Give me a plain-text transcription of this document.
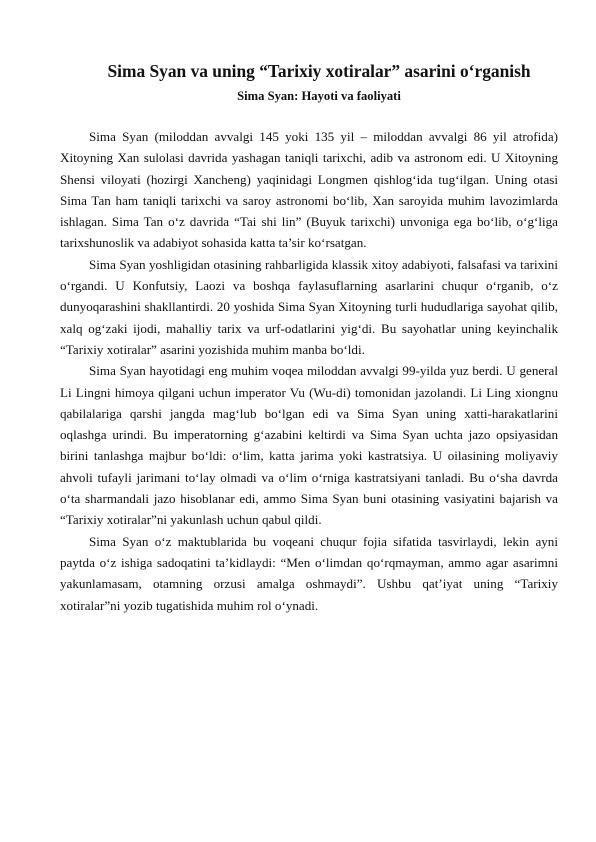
Sima Syan va uning “Tarixiy xotiralar” asarini o‘rganish
Sima Syan: Hayoti va faoliyati

Sima Syan (miloddan avvalgi 145 yoki 135 yil – miloddan avvalgi 86 yil atrofida) Xitoyning Xan sulolasi davrida yashagan taniqli tarixchi, adib va astronom edi. U Xitoyning Shensi viloyati (hozirgi Xancheng) yaqinidagi Longmen qishlog‘ida tug‘ilgan. Uning otasi Sima Tan ham taniqli tarixchi va saroy astronomi bo‘lib, Xan saroyida muhim lavozimlarda ishlagan. Sima Tan o‘z davrida “Tai shi lin” (Buyuk tarixchi) unvoniga ega bo‘lib, o‘g‘liga tarixshunoslik va adabiyot sohasida katta ta’sir ko‘rsatgan.

Sima Syan yoshligidan otasining rahbarligida klassik xitoy adabiyoti, falsafasi va tarixini o‘rgandi. U Konfutsiy, Laozi va boshqa faylasuflarning asarlarini chuqur o‘rganib, o‘z dunyoqarashini shakllantirdi. 20 yoshida Sima Syan Xitoyning turli hududlariga sayohat qilib, xalq og‘zaki ijodi, mahalliy tarix va urf-odatlarini yig‘di. Bu sayohatlar uning keyinchalik “Tarixiy xotiralar” asarini yozishida muhim manba bo‘ldi.

Sima Syan hayotidagi eng muhim voqea miloddan avvalgi 99-yilda yuz berdi. U general Li Lingni himoya qilgani uchun imperator Vu (Wu-di) tomonidan jazolandi. Li Ling xiongnu qabilalariga qarshi jangda mag‘lub bo‘lgan edi va Sima Syan uning xatti-harakatlarini oqlashga urindi. Bu imperatorning g‘azabini keltirdi va Sima Syan uchta jazo opsiyasidan birini tanlashga majbur bo‘ldi: o‘lim, katta jarima yoki kastratsiya. U oilasining moliyaviy ahvoli tufayli jarimani to‘lay olmadi va o‘lim o‘rniga kastratsiyani tanladi. Bu o‘sha davrda o‘ta sharmandali jazo hisoblanar edi, ammo Sima Syan buni otasining vasiyatini bajarish va “Tarixiy xotiralar”ni yakunlash uchun qabul qildi.

Sima Syan o‘z maktublarida bu voqeani chuqur fojia sifatida tasvirlaydi, lekin ayni paytda o‘z ishiga sadoqatini ta’kidlaydi: “Men o‘limdan qo‘rqmayman, ammo agar asarimni yakunlamasam, otamning orzusi amalga oshmaydi”. Ushbu qat’iyat uning “Tarixiy xotiralar”ni yozib tugatishida muhim rol o‘ynadi.
